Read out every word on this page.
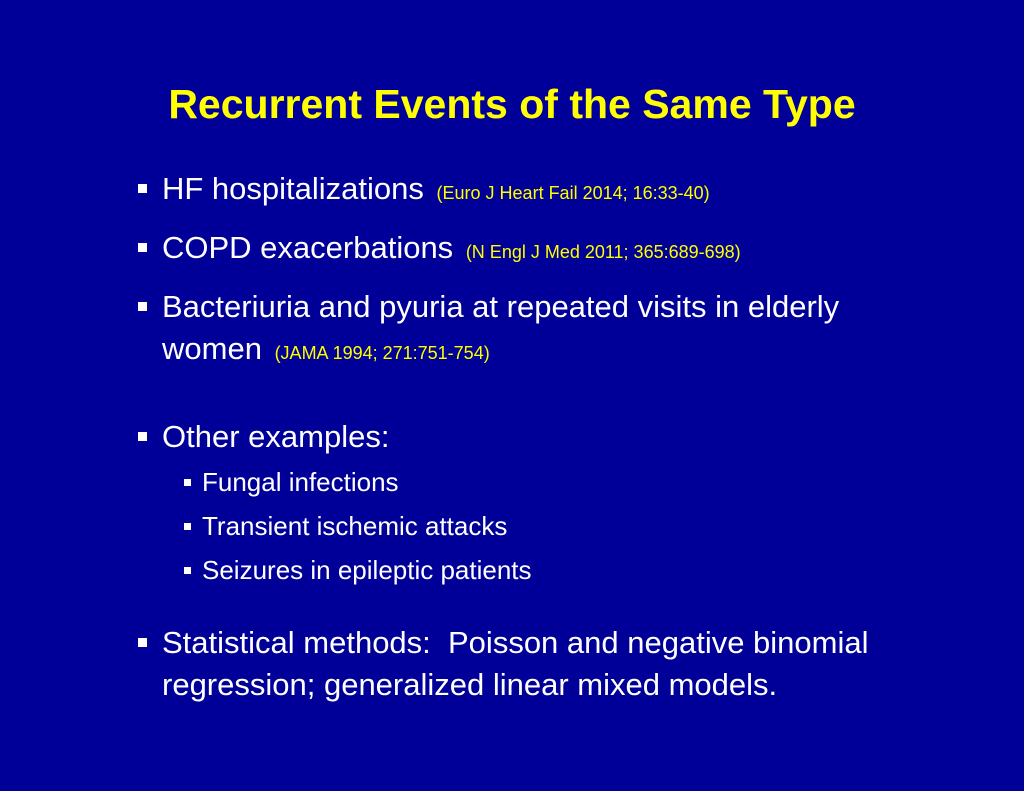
Recurrent Events of the Same Type
HF hospitalizations (Euro J Heart Fail 2014; 16:33-40)
COPD exacerbations (N Engl J Med 2011; 365:689-698)
Bacteriuria and pyuria at repeated visits in elderly women (JAMA 1994; 271:751-754)
Other examples:
Fungal infections
Transient ischemic attacks
Seizures in epileptic patients
Statistical methods:  Poisson and negative binomial regression; generalized linear mixed models.
